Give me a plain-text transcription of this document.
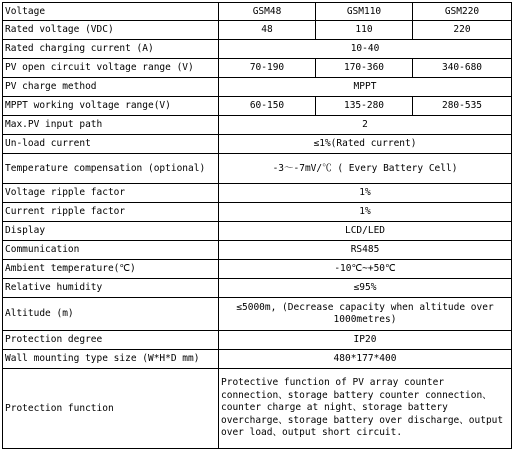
Voltage	GSM48	GSM110	GSM220
Rated voltage (VDC)	48	110	220
Rated charging current (A)	10-40		
PV open circuit voltage range (V)	70-190	170-360	340-680
PV charge method	MPPT		
MPPT working voltage range(V)	60-150	135-280	280-535
Max.PV input path	2		
Un-load current	≤1%(Rated current)		
Temperature compensation (optional)	-3～-7mV/℃ ( Every Battery Cell)		
Voltage ripple factor	1%		
Current ripple factor	1%		
Display	LCD/LED		
Communication	RS485		
Ambient temperature(℃)	-10℃~+50℃		
Relative humidity	≤95%		
Altitude (m)	≤5000m, (Decrease capacity when altitude over 1000metres)		
Protection degree	IP20		
Wall mounting type size (W*H*D mm)	480*177*400		
Protection function	Protective function of PV array counter connection、storage battery counter connection、counter charge at night、storage battery overcharge、storage battery over discharge、output over load、output short circuit.		
